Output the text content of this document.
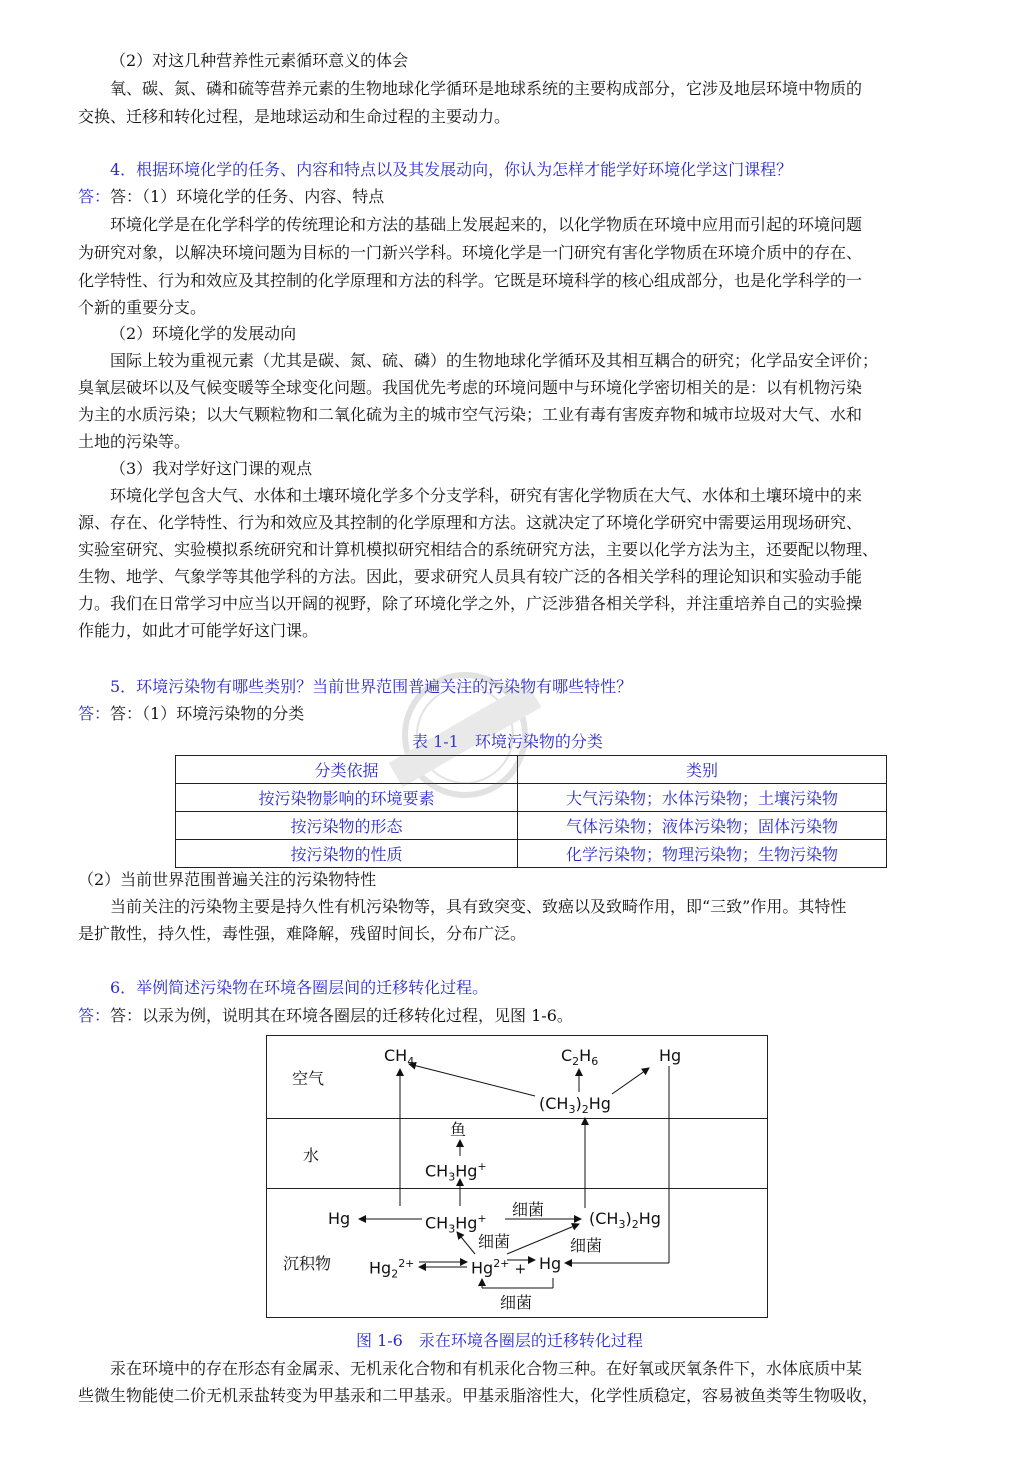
（2）对这几种营养性元素循环意义的体会
氧、碳、氮、磷和硫等营养元素的生物地球化学循环是地球系统的主要构成部分，它涉及地层环境中物质的
交换、迁移和转化过程，是地球运动和生命过程的主要动力。
4．根据环境化学的任务、内容和特点以及其发展动向，你认为怎样才能学好环境化学这门课程？
答：答：（1）环境化学的任务、内容、特点
环境化学是在化学科学的传统理论和方法的基础上发展起来的，以化学物质在环境中应用而引起的环境问题
为研究对象，以解决环境问题为目标的一门新兴学科。环境化学是一门研究有害化学物质在环境介质中的存在、
化学特性、行为和效应及其控制的化学原理和方法的科学。它既是环境科学的核心组成部分，也是化学科学的一
个新的重要分支。
（2）环境化学的发展动向
国际上较为重视元素（尤其是碳、氮、硫、磷）的生物地球化学循环及其相互耦合的研究；化学品安全评价；
臭氧层破坏以及气候变暖等全球变化问题。我国优先考虑的环境问题中与环境化学密切相关的是：以有机物污染
为主的水质污染；以大气颗粒物和二氧化硫为主的城市空气污染；工业有毒有害废弃物和城市垃圾对大气、水和
土地的污染等。
（3）我对学好这门课的观点
环境化学包含大气、水体和土壤环境化学多个分支学科，研究有害化学物质在大气、水体和土壤环境中的来
源、存在、化学特性、行为和效应及其控制的化学原理和方法。这就决定了环境化学研究中需要运用现场研究、
实验室研究、实验模拟系统研究和计算机模拟研究相结合的系统研究方法，主要以化学方法为主，还要配以物理、
生物、地学、气象学等其他学科的方法。因此，要求研究人员具有较广泛的各相关学科的理论知识和实验动手能
力。我们在日常学习中应当以开阔的视野，除了环境化学之外，广泛涉猎各相关学科，并注重培养自己的实验操
作能力，如此才可能学好这门课。
5．环境污染物有哪些类别？当前世界范围普遍关注的污染物有哪些特性？
答：答：（1）环境污染物的分类
表 1-1　环境污染物的分类
分类依据	类别
按污染物影响的环境要素	大气污染物；水体污染物；土壤污染物
按污染物的形态	气体污染物；液体污染物；固体污染物
按污染物的性质	化学污染物；物理污染物；生物污染物
（2）当前世界范围普遍关注的污染物特性
当前关注的污染物主要是持久性有机污染物等，具有致突变、致癌以及致畸作用，即“三致”作用。其特性
是扩散性，持久性，毒性强，难降解，残留时间长，分布广泛。
6．举例简述污染物在环境各圈层间的迁移转化过程。
答：答：以汞为例，说明其在环境各圈层的迁移转化过程，见图 1-6。
空气
水
沉积物
$CH_4$	$C_2H_6$	Hg
$(CH_3)_2Hg$
鱼
$CH_3Hg^+$
Hg	$CH_3Hg^+$ 细菌	$(CH_3)_2Hg$
细菌	细菌
$Hg_2^{2+}$	$Hg^{2+} + Hg$
细菌
图 1-6　汞在环境各圈层的迁移转化过程
汞在环境中的存在形态有金属汞、无机汞化合物和有机汞化合物三种。在好氧或厌氧条件下，水体底质中某
些微生物能使二价无机汞盐转变为甲基汞和二甲基汞。甲基汞脂溶性大，化学性质稳定，容易被鱼类等生物吸收，
